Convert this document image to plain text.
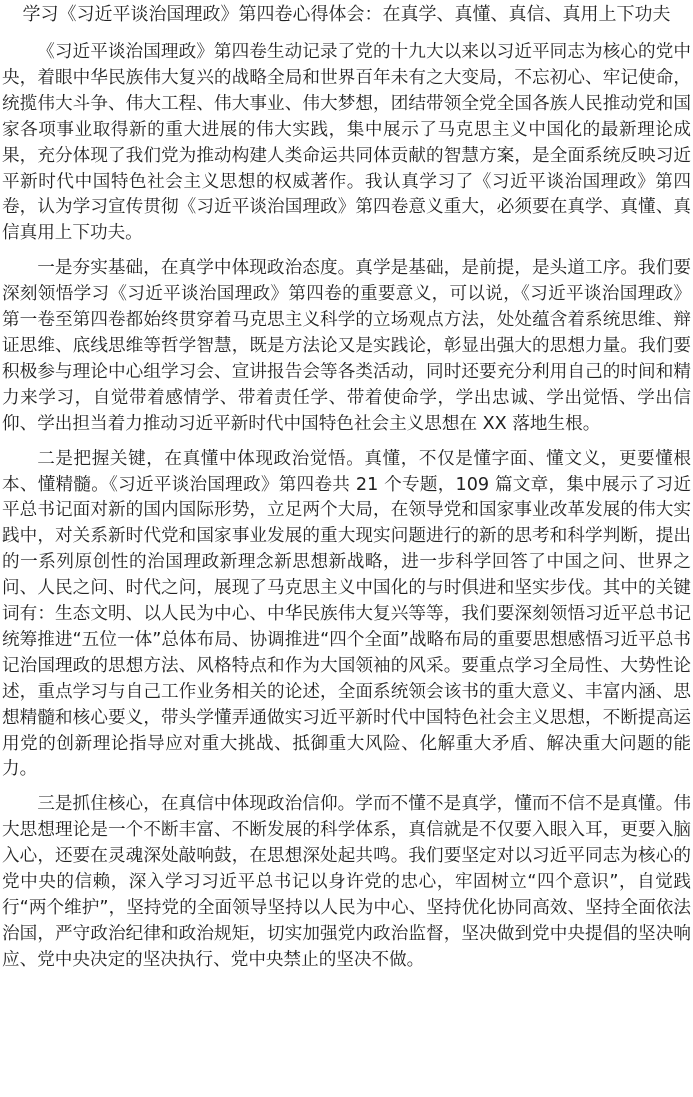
学习《习近平谈治国理政》第四卷心得体会：在真学、真懂、真信、真用上下功夫

《习近平谈治国理政》第四卷生动记录了党的十九大以来以习近平同志为核心的党中央，着眼中华民族伟大复兴的战略全局和世界百年未有之大变局，不忘初心、牢记使命，统揽伟大斗争、伟大工程、伟大事业、伟大梦想，团结带领全党全国各族人民推动党和国家各项事业取得新的重大进展的伟大实践，集中展示了马克思主义中国化的最新理论成果，充分体现了我们党为推动构建人类命运共同体贡献的智慧方案，是全面系统反映习近平新时代中国特色社会主义思想的权威著作。我认真学习了《习近平谈治国理政》第四卷，认为学习宣传贯彻《习近平谈治国理政》第四卷意义重大，必须要在真学、真懂、真信真用上下功夫。

一是夯实基础，在真学中体现政治态度。真学是基础，是前提，是头道工序。我们要深刻领悟学习《习近平谈治国理政》第四卷的重要意义，可以说，《习近平谈治国理政》第一卷至第四卷都始终贯穿着马克思主义科学的立场观点方法，处处蕴含着系统思维、辩证思维、底线思维等哲学智慧，既是方法论又是实践论，彰显出强大的思想力量。我们要积极参与理论中心组学习会、宣讲报告会等各类活动，同时还要充分利用自己的时间和精力来学习，自觉带着感情学、带着责任学、带着使命学，学出忠诚、学出觉悟、学出信仰、学出担当着力推动习近平新时代中国特色社会主义思想在 XX 落地生根。

二是把握关键，在真懂中体现政治觉悟。真懂，不仅是懂字面、懂文义，更要懂根本、懂精髓。《习近平谈治国理政》第四卷共 21 个专题，109 篇文章，集中展示了习近平总书记面对新的国内国际形势，立足两个大局，在领导党和国家事业改革发展的伟大实践中，对关系新时代党和国家事业发展的重大现实问题进行的新的思考和科学判断，提出的一系列原创性的治国理政新理念新思想新战略，进一步科学回答了中国之问、世界之问、人民之问、时代之问，展现了马克思主义中国化的与时俱进和坚实步伐。其中的关键词有：生态文明、以人民为中心、中华民族伟大复兴等等，我们要深刻领悟习近平总书记统筹推进“五位一体”总体布局、协调推进“四个全面”战略布局的重要思想感悟习近平总书记治国理政的思想方法、风格特点和作为大国领袖的风采。要重点学习全局性、大势性论述，重点学习与自己工作业务相关的论述，全面系统领会该书的重大意义、丰富内涵、思想精髓和核心要义，带头学懂弄通做实习近平新时代中国特色社会主义思想，不断提高运用党的创新理论指导应对重大挑战、抵御重大风险、化解重大矛盾、解决重大问题的能力。

三是抓住核心，在真信中体现政治信仰。学而不懂不是真学，懂而不信不是真懂。伟大思想理论是一个不断丰富、不断发展的科学体系，真信就是不仅要入眼入耳，更要入脑入心，还要在灵魂深处敲响鼓，在思想深处起共鸣。我们要坚定对以习近平同志为核心的党中央的信赖，深入学习习近平总书记以身许党的忠心，牢固树立“四个意识”，自觉践行“两个维护”，坚持党的全面领导坚持以人民为中心、坚持优化协同高效、坚持全面依法治国，严守政治纪律和政治规矩，切实加强党内政治监督，坚决做到党中央提倡的坚决响应、党中央决定的坚决执行、党中央禁止的坚决不做。
